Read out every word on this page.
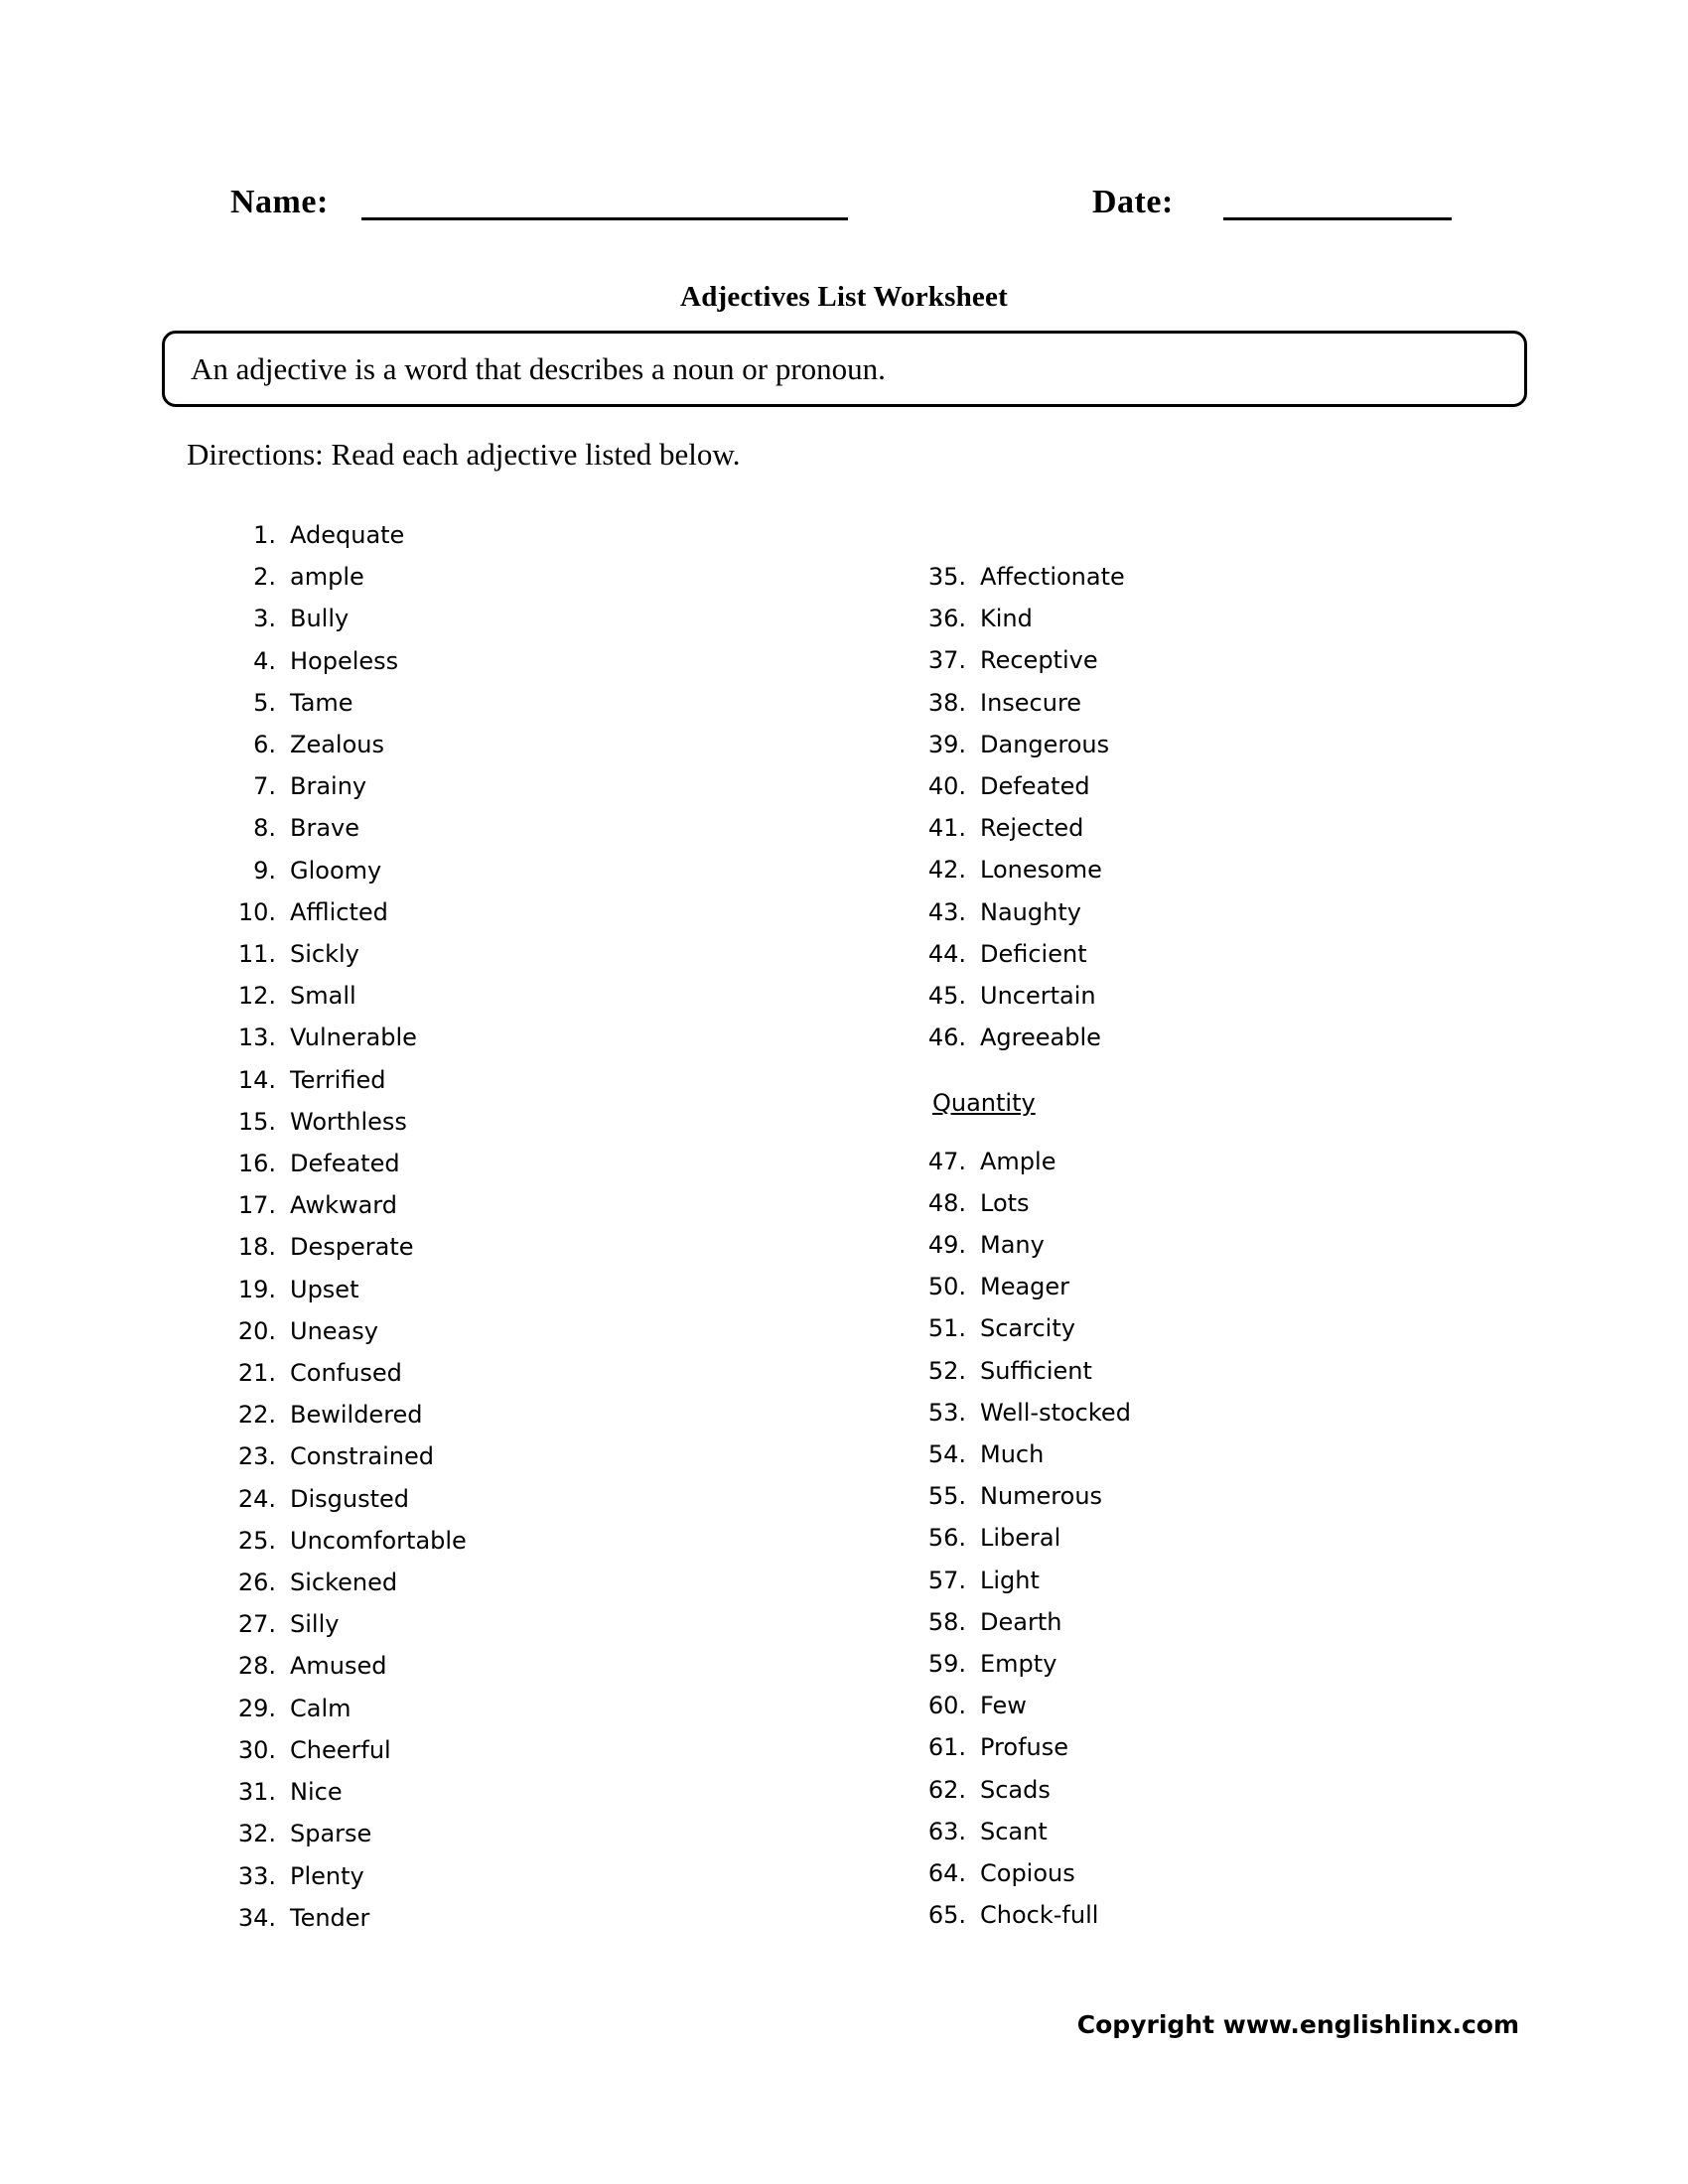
Name:	Date:
Adjectives List Worksheet
An adjective is a word that describes a noun or pronoun.
Directions: Read each adjective listed below.
1. Adequate
2. ample
3. Bully
4. Hopeless
5. Tame
6. Zealous
7. Brainy
8. Brave
9. Gloomy
10. Afflicted
11. Sickly
12. Small
13. Vulnerable
14. Terrified
15. Worthless
16. Defeated
17. Awkward
18. Desperate
19. Upset
20. Uneasy
21. Confused
22. Bewildered
23. Constrained
24. Disgusted
25. Uncomfortable
26. Sickened
27. Silly
28. Amused
29. Calm
30. Cheerful
31. Nice
32. Sparse
33. Plenty
34. Tender
35. Affectionate
36. Kind
37. Receptive
38. Insecure
39. Dangerous
40. Defeated
41. Rejected
42. Lonesome
43. Naughty
44. Deficient
45. Uncertain
46. Agreeable
Quantity
47. Ample
48. Lots
49. Many
50. Meager
51. Scarcity
52. Sufficient
53. Well-stocked
54. Much
55. Numerous
56. Liberal
57. Light
58. Dearth
59. Empty
60. Few
61. Profuse
62. Scads
63. Scant
64. Copious
65. Chock-full
Copyright www.englishlinx.com
